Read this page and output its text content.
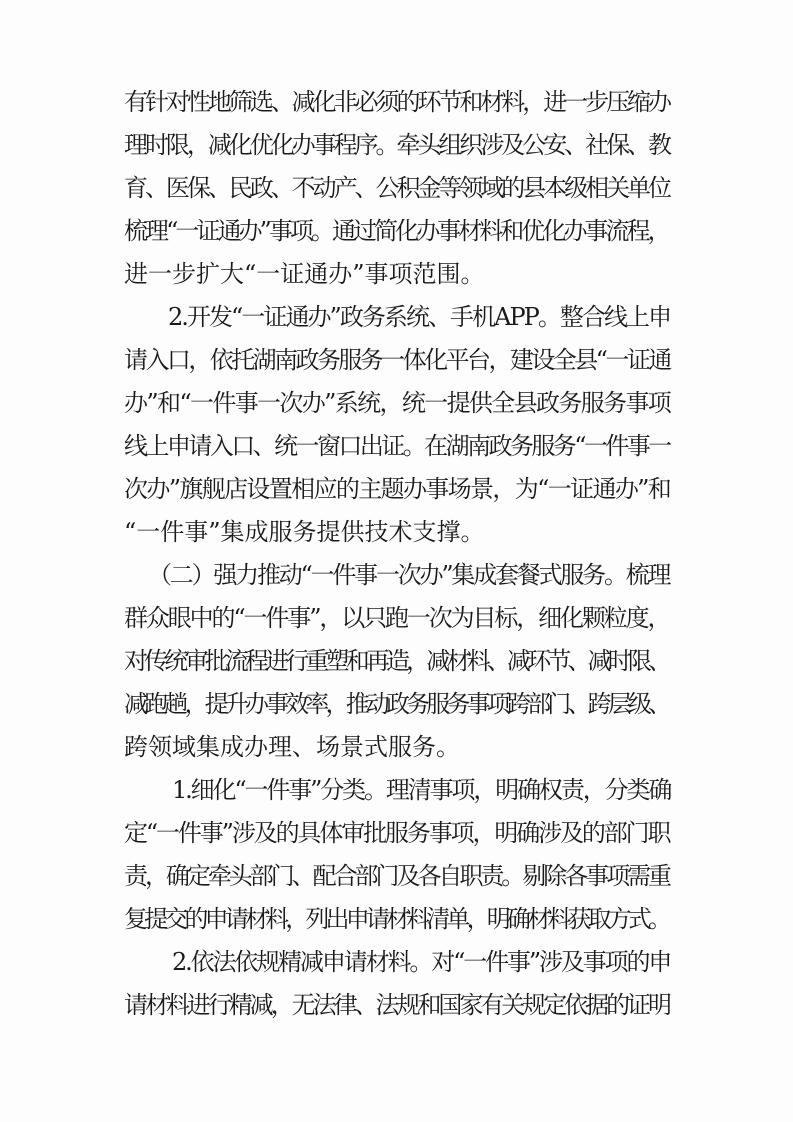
有针对性地筛选、减化非必须的环节和材料，进一步压缩办
理时限，减化优化办事程序。牵头组织涉及公安、社保、教
育、医保、民政、不动产、公积金等领域的县本级相关单位
梳理“一证通办”事项。通过简化办事材料和优化办事流程，
进一步扩大“一证通办”事项范围。
2.开发“一证通办”政务系统、手机APP。整合线上申
请入口，依托湖南政务服务一体化平台，建设全县“一证通
办”和“一件事一次办”系统，统一提供全县政务服务事项
线上申请入口、统一窗口出证。在湖南政务服务“一件事一
次办”旗舰店设置相应的主题办事场景，为“一证通办”和
“一件事”集成服务提供技术支撑。
（二）强力推动“一件事一次办”集成套餐式服务。梳理
群众眼中的“一件事”，以只跑一次为目标，细化颗粒度，
对传统审批流程进行重塑和再造，减材料、减环节、减时限、
减跑趟，提升办事效率，推动政务服务事项跨部门、跨层级、
跨领域集成办理、场景式服务。
1.细化“一件事”分类。理清事项，明确权责，分类确
定“一件事”涉及的具体审批服务事项，明确涉及的部门职
责，确定牵头部门、配合部门及各自职责。剔除各事项需重
复提交的申请材料，列出申请材料清单，明确材料获取方式。
2.依法依规精减申请材料。对“一件事”涉及事项的申
请材料进行精减，无法律、法规和国家有关规定依据的证明
